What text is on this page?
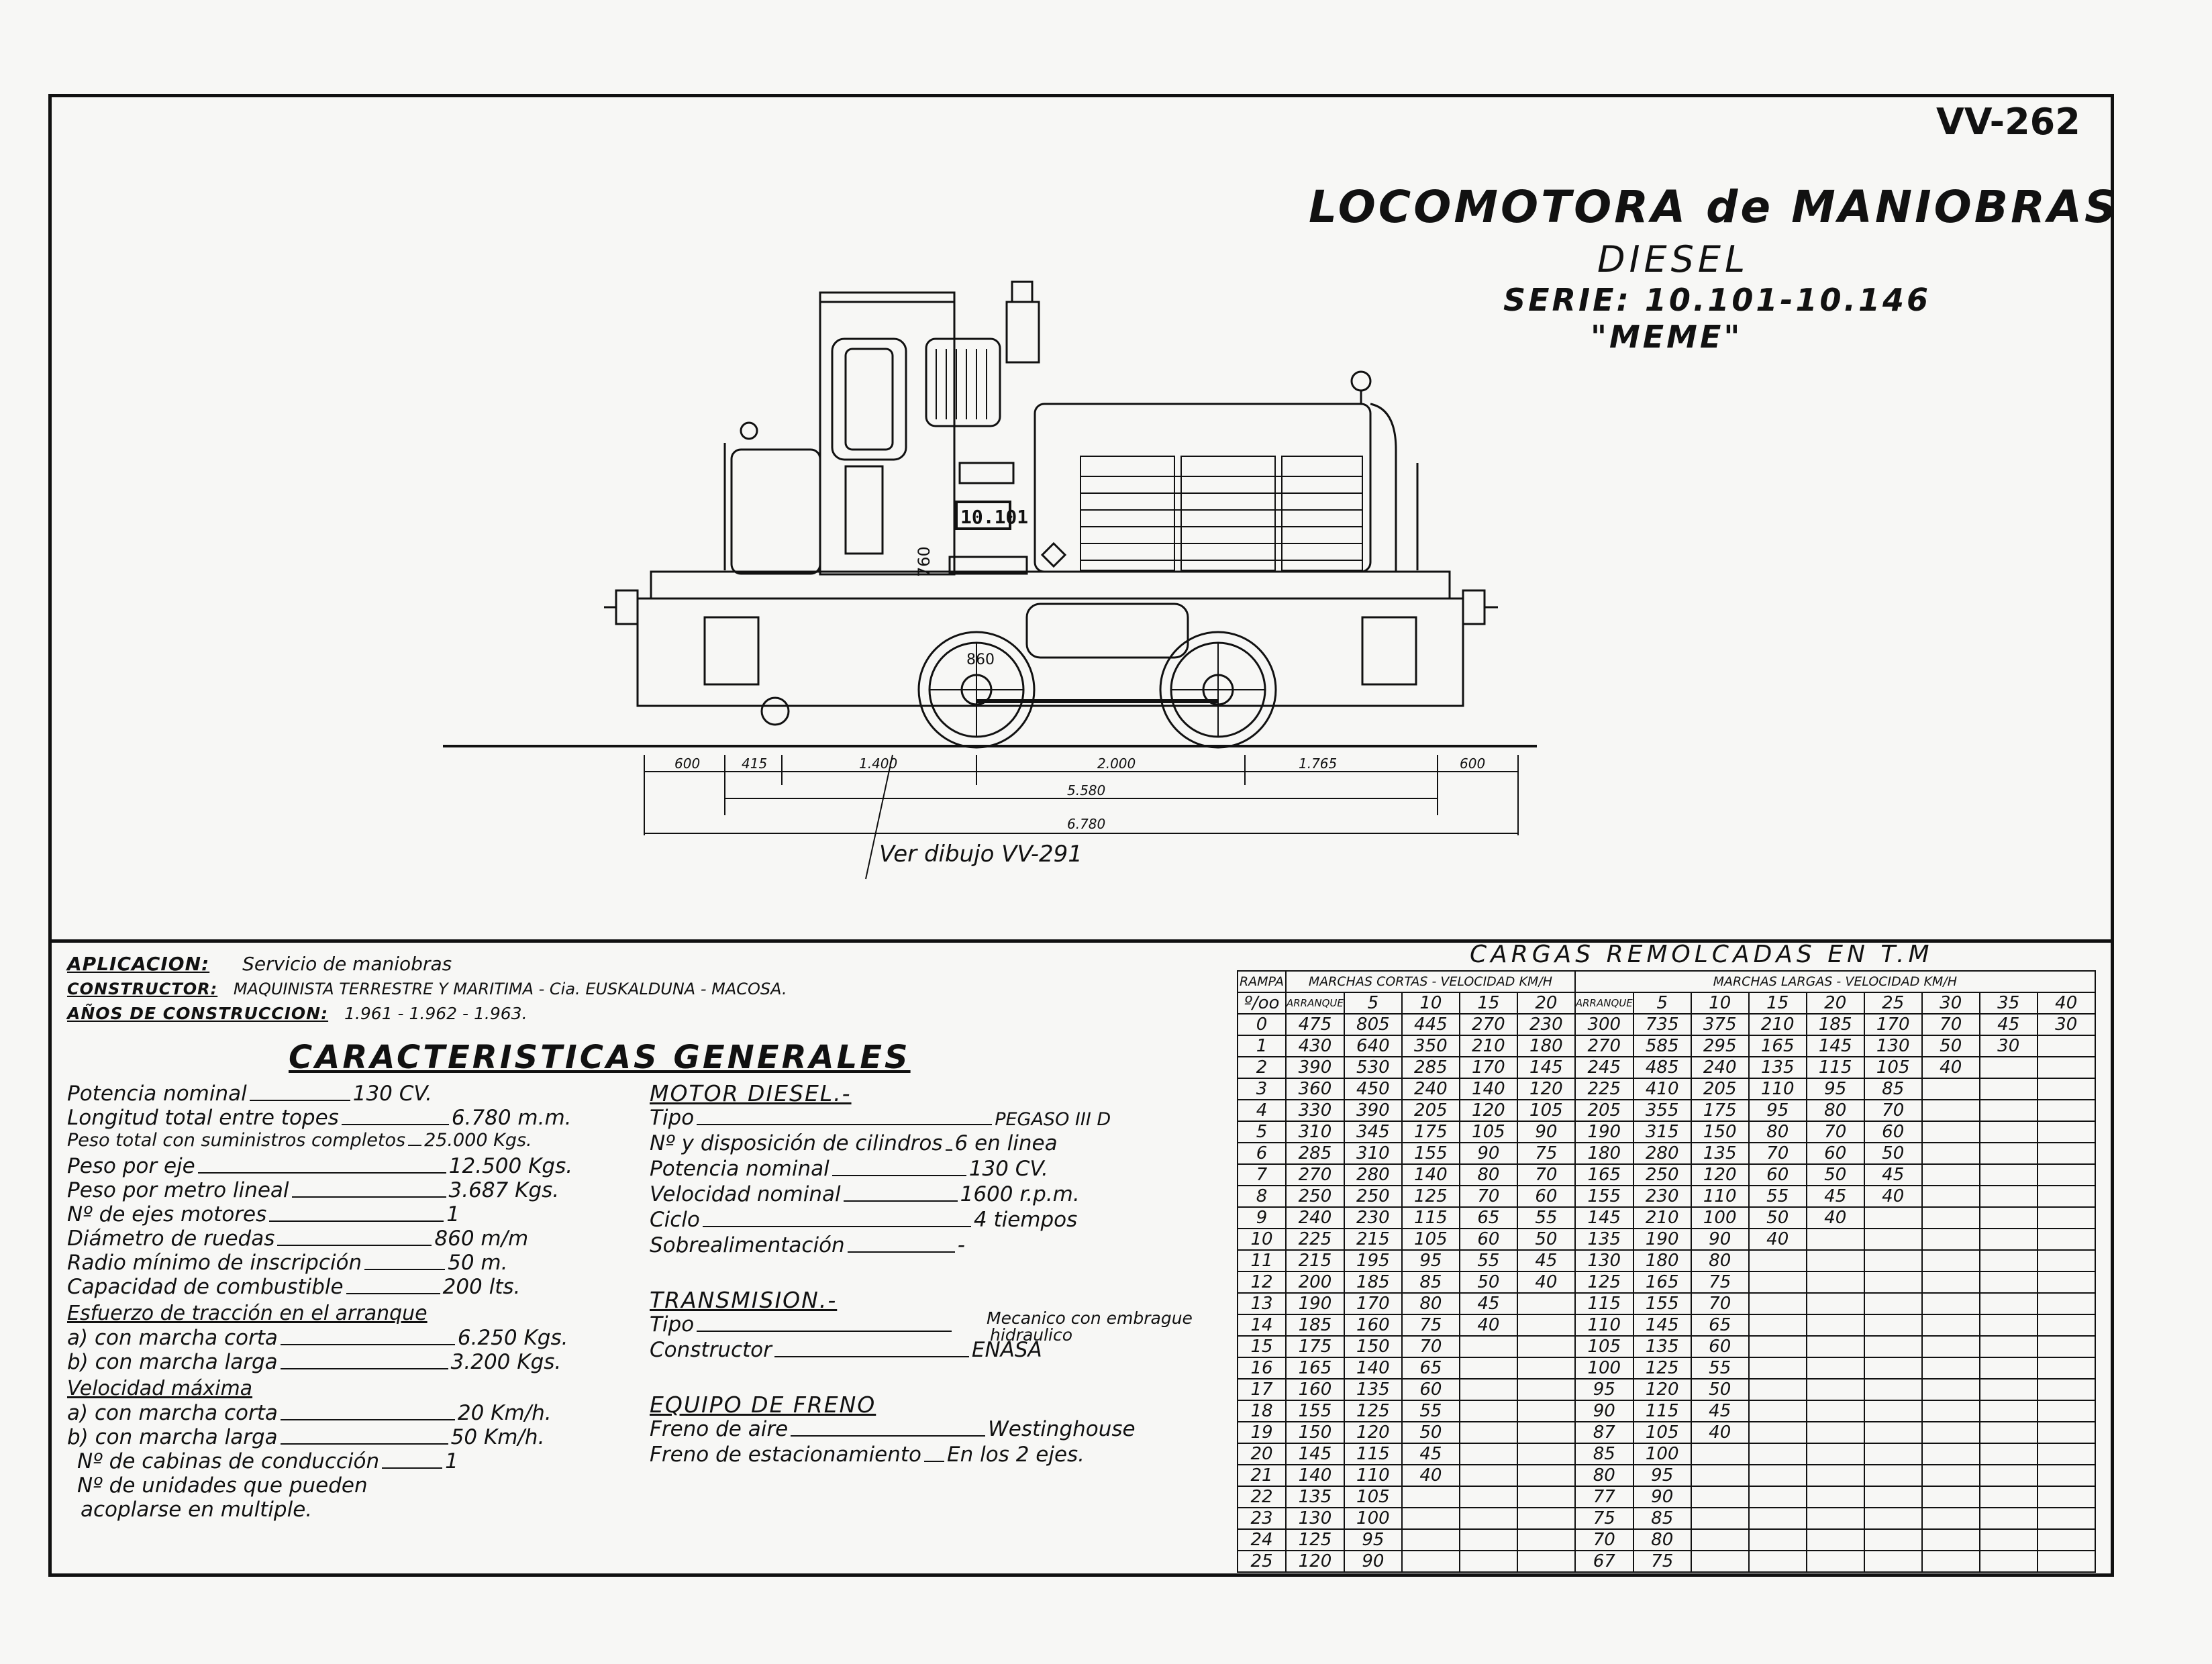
VV-262
LOCOMOTORA de MANIOBRAS
DIESEL
SERIE: 10.101-10.146
"MEME"
10.101
760
860
600	415	1.400	2.000	1.765	600
5.580
6.780
Ver dibujo VV-291
APLICACION: Servicio de maniobras
CONSTRUCTOR: MAQUINISTA TERRESTRE Y MARITIMA - Cia. EUSKALDUNA - MACOSA.
AÑOS DE CONSTRUCCION: 1.961 - 1.962 - 1.963.
CARACTERISTICAS GENERALES
Potencia nominal	130 CV.
Longitud total entre topes	6.780 m.m.
Peso total con suministros completos 25.000 Kgs.
Peso por eje	12.500 Kgs.
Peso por metro lineal	3.687 Kgs.
Nº de ejes motores	1
Diámetro de ruedas	860 m/m
Radio mínimo de inscripción	50 m.
Capacidad de combustible	200 lts.
Esfuerzo de tracción en el arranque
a) con marcha corta	6.250 Kgs.
b) con marcha larga	3.200 Kgs.
Velocidad máxima
a) con marcha corta	20 Km/h.
b) con marcha larga	50 Km/h.
Nº de cabinas de conducción	1
Nº de unidades que pueden
acoplarse en multiple.
MOTOR DIESEL.-
Tipo	PEGASO III D
Nº y disposición de cilindros 6 en linea
Potencia nominal	130 CV.
Velocidad nominal	1600 r.p.m.
Ciclo	4 tiempos
Sobrealimentación	-
TRANSMISION.-
Tipo	Mecanico con embrague
hidraulico
Constructor	ENASA
EQUIPO DE FRENO
Freno de aire	Westinghouse
Freno de estacionamiento En los 2 ejes.
CARGAS REMOLCADAS EN T.M
RAMPA	MARCHAS CORTAS - VELOCIDAD KM/H					MARCHAS LARGAS - VELOCIDAD KM/H								
º/oo	ARRANQUE	5	10	15	20	ARRANQUE	5	10	15	20	25	30	35	40
0	475	805	445	270	230	300	735	375	210	185	170	70	45	30
1	430	640	350	210	180	270	585	295	165	145	130	50	30	
2	390	530	285	170	145	245	485	240	135	115	105	40		
3	360	450	240	140	120	225	410	205	110	95	85			
4	330	390	205	120	105	205	355	175	95	80	70			
5	310	345	175	105	90	190	315	150	80	70	60			
6	285	310	155	90	75	180	280	135	70	60	50			
7	270	280	140	80	70	165	250	120	60	50	45			
8	250	250	125	70	60	155	230	110	55	45	40			
9	240	230	115	65	55	145	210	100	50	40				
10	225	215	105	60	50	135	190	90	40					
11	215	195	95	55	45	130	180	80						
12	200	185	85	50	40	125	165	75						
13	190	170	80	45		115	155	70						
14	185	160	75	40		110	145	65						
15	175	150	70			105	135	60						
16	165	140	65			100	125	55						
17	160	135	60			95	120	50						
18	155	125	55			90	115	45						
19	150	120	50			87	105	40						
20	145	115	45			85	100							
21	140	110	40			80	95							
22	135	105				77	90							
23	130	100				75	85							
24	125	95				70	80							
25	120	90				67	75							
